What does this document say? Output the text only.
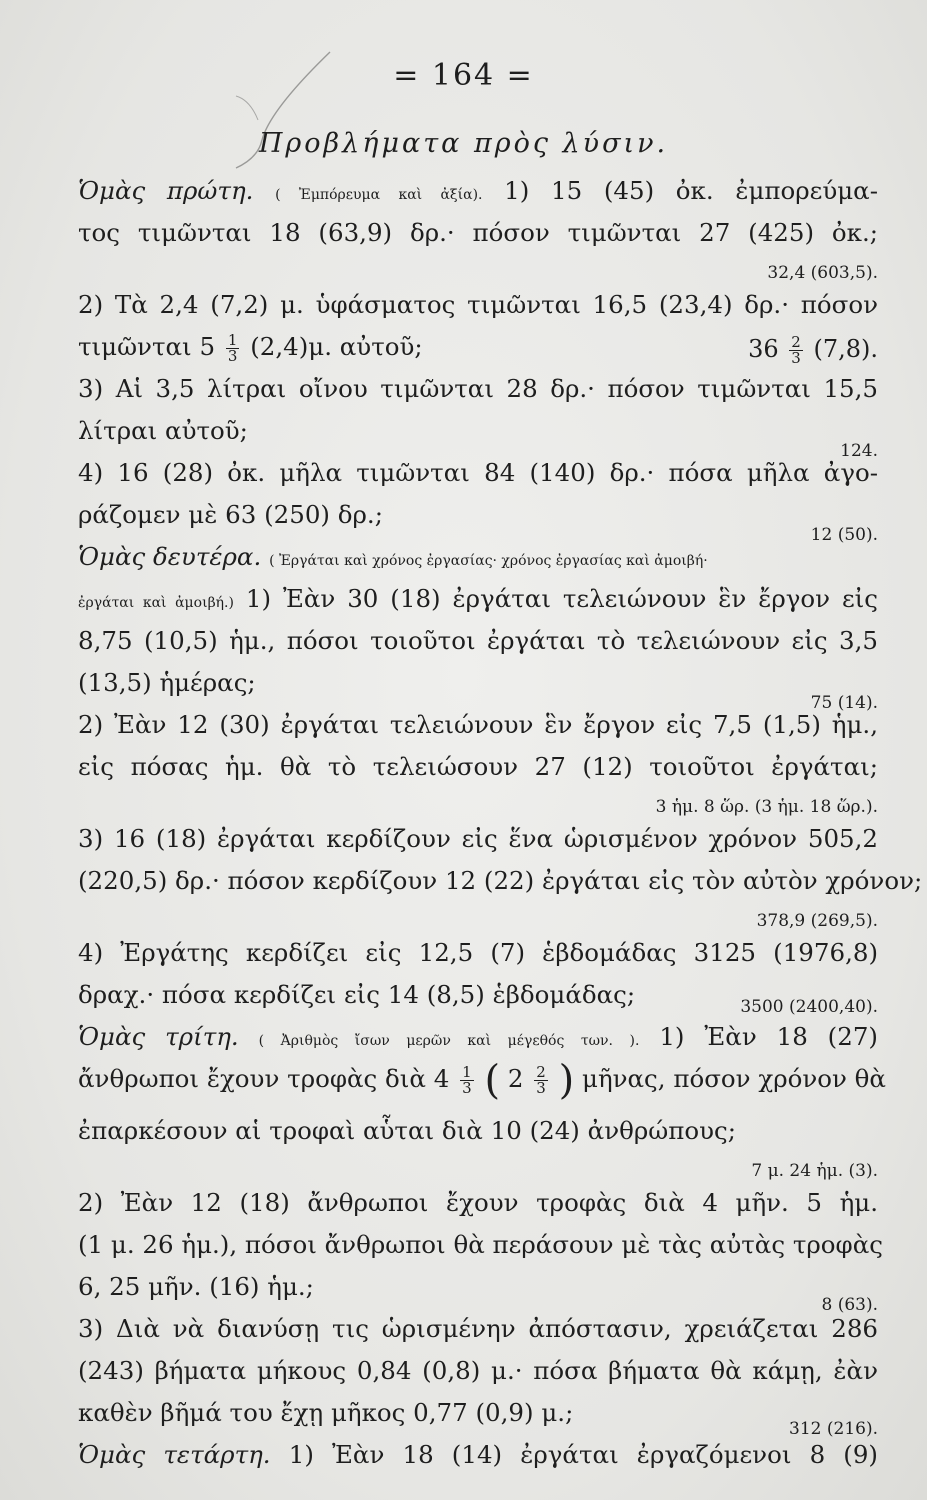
= 164 =
Προβλήματα πρὸς λύσιν.
Ὁμὰς πρώτη. ( Ἐμπόρευμα καὶ ἀξία). 1) 15 (45) ὀκ. ἐμπορεύμα-
τος τιμῶνται 18 (63,9) δρ.· πόσον τιμῶνται 27 (425) ὀκ.;
32,4 (603,5).
2) Τὰ 2,4 (7,2) μ. ὑφάσματος τιμῶνται 16,5 (23,4) δρ.· πόσον
τιμῶνται $5 \frac{1}{3} (2,4)\mu$. αὐτοῦ;	$36 \frac{2}{3} (7,8)$.
3) Αἱ 3,5 λίτραι οἴνου τιμῶνται 28 δρ.· πόσον τιμῶνται 15,5
λίτραι αὐτοῦ;
124.
4) 16 (28) ὀκ. μῆλα τιμῶνται 84 (140) δρ.· πόσα μῆλα ἀγο-
ράζομεν μὲ 63 (250) δρ.;
12 (50).
Ὁμὰς δευτέρα. ( Ἐργάται καὶ χρόνος ἐργασίας· χρόνος ἐργασίας καὶ ἀμοιβή·
ἐργάται καὶ ἀμοιβή.) 1) Ἐὰν 30 (18) ἐργάται τελειώνουν ἓν ἔργον εἰς
8,75 (10,5) ἡμ., πόσοι τοιοῦτοι ἐργάται τὸ τελειώνουν εἰς 3,5
(13,5) ἡμέρας;
75 (14).
2) Ἐὰν 12 (30) ἐργάται τελειώνουν ἓν ἔργον εἰς 7,5 (1,5) ἡμ.,
εἰς πόσας ἡμ. θὰ τὸ τελειώσουν 27 (12) τοιοῦτοι ἐργάται;
3 ἡμ. 8 ὥρ. (3 ἡμ. 18 ὥρ.).
3) 16 (18) ἐργάται κερδίζουν εἰς ἕνα ὡρισμένον χρόνον 505,2
(220,5) δρ.· πόσον κερδίζουν 12 (22) ἐργάται εἰς τὸν αὐτὸν χρόνον;
378,9 (269,5).
4) Ἐργάτης κερδίζει εἰς 12,5 (7) ἑβδομάδας 3125 (1976,8)
δραχ.· πόσα κερδίζει εἰς 14 (8,5) ἑβδομάδας;	3500 (2400,40).
Ὁμὰς τρίτη. ( Ἀριθμὸς ἴσων μερῶν καὶ μέγεθός των. ). 1) Ἐὰν 18 (27)
ἄνθρωποι ἔχουν τροφὰς διὰ $4 \frac{1}{3}$ ( $2 \frac{2}{3}$ ) μῆνας, πόσον χρόνον θὰ
ἐπαρκέσουν αἱ τροφαὶ αὗται διὰ 10 (24) ἀνθρώπους;
7 μ. 24 ἡμ. (3).
2) Ἐὰν 12 (18) ἄνθρωποι ἔχουν τροφὰς διὰ 4 μῆν. 5 ἡμ.
(1 μ. 26 ἡμ.), πόσοι ἄνθρωποι θὰ περάσουν μὲ τὰς αὐτὰς τροφὰς
6, 25 μῆν. (16) ἡμ.;
8 (63).
3) Διὰ νὰ διανύσῃ τις ὡρισμένην ἀπόστασιν, χρειάζεται 286
(243) βήματα μήκους 0,84 (0,8) μ.· πόσα βήματα θὰ κάμῃ, ἐὰν
καθὲν βῆμά του ἔχῃ μῆκος 0,77 (0,9) μ.;
312 (216).
Ὁμὰς τετάρτη. 1) Ἐὰν 18 (14) ἐργάται ἐργαζόμενοι 8 (9)
